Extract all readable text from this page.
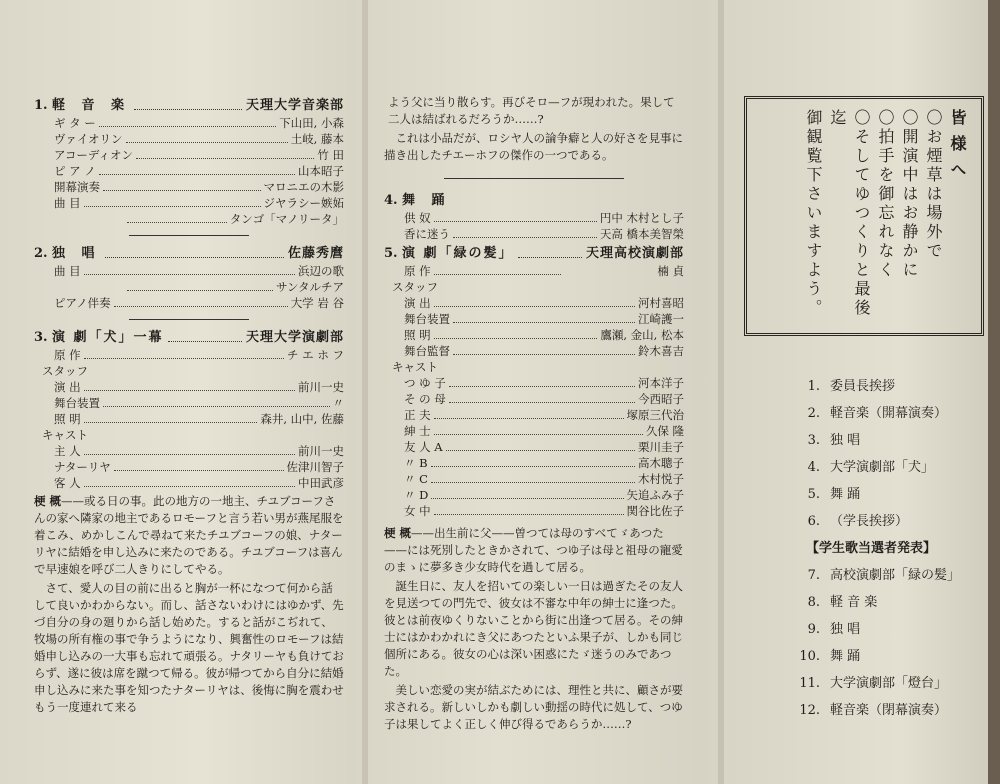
1. 軽 音 楽	天理大学音楽部
ギ タ ー	下山田, 小森
ヴァイオリン	土岐, 藤本
アコーディオン	竹 田
ピ ア ノ	山本昭子
開幕演奏	マロニエの木影
曲 目	ジヤラシー嫉妬
タンゴ「マノリータ」
2. 独 唱	佐藤秀麿
曲 目	浜辺の歌
サンタルチア
ピアノ伴奏	大学 岩 谷
3. 演 劇「犬」一幕	天理大学演劇部
原 作	チ エ ホ フ
スタッフ
演 出	前川一史
舞台装置	〃
照 明	森井, 山中, 佐藤
キャスト
主 人	前川一史
ナターリヤ	佐津川智子
客 人	中田武彦

梗 概——或る日の事。此の地方の一地主、チユブコーフさんの家へ隣家の地主であるロモーフと言う若い男が燕尾服を着こみ、めかしこんで尋ねて来たチユブコーフの娘、ナターリヤに結婚を申し込みに来たのである。チユブコーフは喜んで早速娘を呼び二人きりにしてやる。

さて、愛人の目の前に出ると胸が一杯になつて何から話して良いかわからない。而し、話さないわけにはゆかず、先づ自分の身の廻りから話し始めた。すると話がこぢれて、牧場の所有権の事で争うようになり、興奮性のロモーフは結婚申し込みの一大事も忘れて頑張る。ナタリーヤも負けておらず、遂に彼は席を蹴つて帰る。彼が帰つてから自分に結婚申し込みに来た事を知つたナターリヤは、後悔に胸を震わせもう一度連れて来る

よう父に当り散らす。再びそロ—フが現われた。果して二人は結ばれるだろうか……?

これは小品だが、ロシヤ人の論争癖と人の好さを見事に描き出したチエーホフの傑作の一つである。

4. 舞 踊
供 奴	円中 木村とし子
香に迷う	天高 橋本美智榮
5. 演 劇「緑の髪」	天理高校演劇部
原 作	楠 貞
スタッフ
演 出	河村喜昭
舞台装置	江崎護一
照 明	鷹瀬, 金山, 松本
舞台監督	鈴木喜吉
キャスト
つ ゆ 子	河本洋子
そ の 母	今西昭子
正 夫	塚原三代治
紳 士	久保 隆
友 人 A	栗川圭子
〃 B	高木聰子
〃 C	木村悦子
〃 D	矢追ふみ子
女 中	関谷比佐子

梗 概——出生前に父——曽つては母のすべてゞあつた——には死別したときかされて、つゆ子は母と祖母の寵愛のまゝに夢多き少女時代を過して居る。

誕生日に、友人を招いての楽しい一日は過ぎたその友人を見送つての門先で、彼女は不審な中年の紳士に逢つた。彼とは前夜ゆくりないことから街に出逢つて居る。その紳士にはかわかれにき父にあつたといふ果子が、しかも同じ個所にある。彼女の心は深い困惑にたゞ迷うのみであつた。

美しい恋愛の実が結ぶためには、理性と共に、顧さが要求される。新しいしかも劇しい動揺の時代に処して、つゆ子は果してよく正しく伸び得るであらうか……?

皆様へ
〇お煙草は場外で
〇開演中はお静かに
〇拍手を御忘れなく
〇そしてゆつくりと最後迄
御観覧下さいますよう。

1. 委員長挨拶
2. 軽音楽（開幕演奏）
3. 独 唱
4. 大学演劇部「犬」
5. 舞 踊
6. （学長挨拶）
【学生歌当選者発表】
7. 高校演劇部「緑の髪」
8. 軽 音 楽
9. 独 唱
10. 舞 踊
11. 大学演劇部「燈台」
12. 軽音楽（閉幕演奏）
